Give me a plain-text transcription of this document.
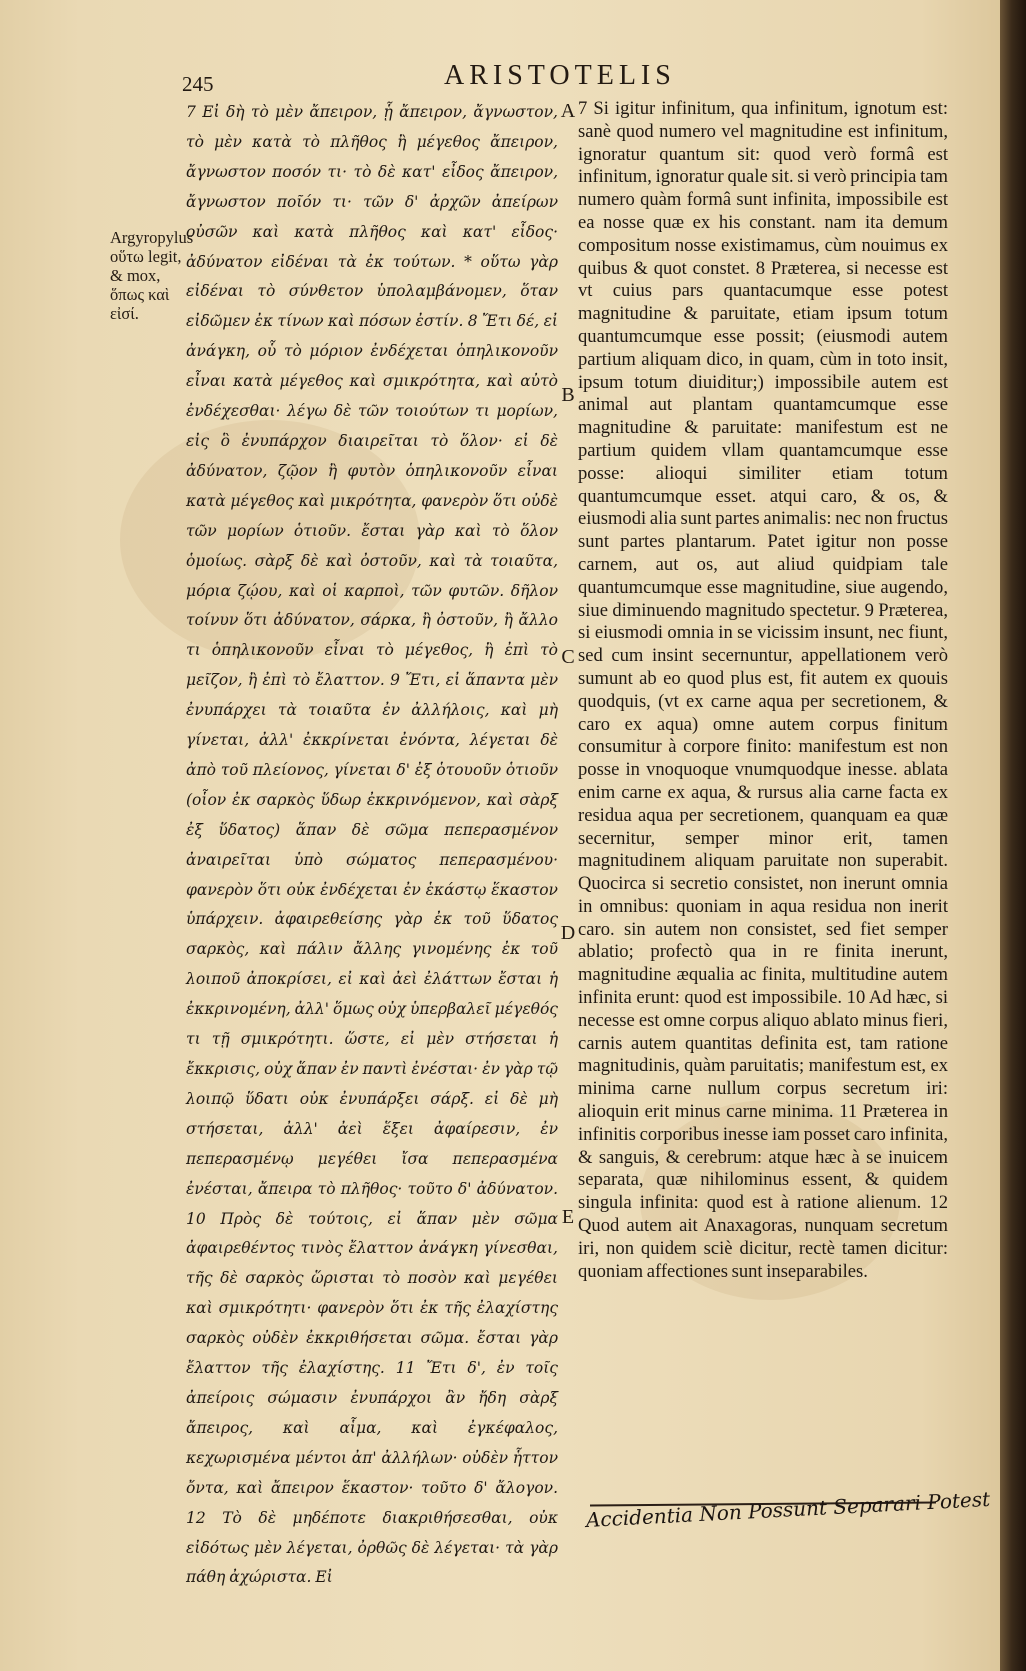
245	ARISTOTELIS
Argyropylus οὕτω legit, & mox, ὅπως καὶ εἰσί.
7 Εἰ δὴ τὸ μὲν ἄπειρον, ᾗ ἄπειρον, ἄγνωστον, τὸ μὲν κατὰ τὸ πλῆθος ἢ μέγεθος ἄπειρον, ἄγνωστον ποσόν τι· τὸ δὲ κατ' εἶδος ἄπειρον, ἄγνωστον ποῖόν τι· τῶν δ' ἀρχῶν ἀπείρων οὐσῶν καὶ κατὰ πλῆθος καὶ κατ' εἶδος· ἀδύνατον εἰδέναι τὰ ἐκ τούτων. * οὕτω γὰρ εἰδέναι τὸ σύνθετον ὑπολαμβάνομεν, ὅταν εἰδῶμεν ἐκ τίνων καὶ πόσων ἐστίν. 8 Ἔτι δέ, εἰ ἀνάγκη, οὗ τὸ μόριον ἐνδέχεται ὁπηλικονοῦν εἶναι κατὰ μέγεθος καὶ σμικρότητα, καὶ αὐτὸ ἐνδέχεσθαι· λέγω δὲ τῶν τοιούτων τι μορίων, εἰς ὃ ἐνυπάρχον διαιρεῖται τὸ ὅλον· εἰ δὲ ἀδύνατον, ζῷον ἢ φυτὸν ὁπηλικονοῦν εἶναι κατὰ μέγεθος καὶ μικρότητα, φανερὸν ὅτι οὐδὲ τῶν μορίων ὁτιοῦν. ἔσται γὰρ καὶ τὸ ὅλον ὁμοίως. σὰρξ δὲ καὶ ὀστοῦν, καὶ τὰ τοιαῦτα, μόρια ζῴου, καὶ οἱ καρποὶ, τῶν φυτῶν. δῆλον τοίνυν ὅτι ἀδύνατον, σάρκα, ἢ ὀστοῦν, ἢ ἄλλο τι ὁπηλικονοῦν εἶναι τὸ μέγεθος, ἢ ἐπὶ τὸ μεῖζον, ἢ ἐπὶ τὸ ἔλαττον. 9 Ἔτι, εἰ ἅπαντα μὲν ἐνυπάρχει τὰ τοιαῦτα ἐν ἀλλήλοις, καὶ μὴ γίνεται, ἀλλ' ἐκκρίνεται ἐνόντα, λέγεται δὲ ἀπὸ τοῦ πλείονος, γίνεται δ' ἐξ ὁτουοῦν ὁτιοῦν (οἷον ἐκ σαρκὸς ὕδωρ ἐκκρινόμενον, καὶ σὰρξ ἐξ ὕδατος) ἅπαν δὲ σῶμα πεπερασμένον ἀναιρεῖται ὑπὸ σώματος πεπερασμένου· φανερὸν ὅτι οὐκ ἐνδέχεται ἐν ἑκάστῳ ἕκαστον ὑπάρχειν. ἀφαιρεθείσης γὰρ ἐκ τοῦ ὕδατος σαρκὸς, καὶ πάλιν ἄλλης γινομένης ἐκ τοῦ λοιποῦ ἀποκρίσει, εἰ καὶ ἀεὶ ἐλάττων ἔσται ἡ ἐκκρινομένη, ἀλλ' ὅμως οὐχ ὑπερβαλεῖ μέγεθός τι τῇ σμικρότητι. ὥστε, εἰ μὲν στήσεται ἡ ἔκκρισις, οὐχ ἅπαν ἐν παντὶ ἐνέσται· ἐν γὰρ τῷ λοιπῷ ὕδατι οὐκ ἐνυπάρξει σάρξ. εἰ δὲ μὴ στήσεται, ἀλλ' ἀεὶ ἕξει ἀφαίρεσιν, ἐν πεπερασμένῳ μεγέθει ἴσα πεπερασμένα ἐνέσται, ἄπειρα τὸ πλῆθος· τοῦτο δ' ἀδύνατον. 10 Πρὸς δὲ τούτοις, εἰ ἅπαν μὲν σῶμα ἀφαιρεθέντος τινὸς ἔλαττον ἀνάγκη γίνεσθαι, τῆς δὲ σαρκὸς ὥρισται τὸ ποσὸν καὶ μεγέθει καὶ σμικρότητι· φανερὸν ὅτι ἐκ τῆς ἐλαχίστης σαρκὸς οὐδὲν ἐκκριθήσεται σῶμα. ἔσται γὰρ ἔλαττον τῆς ἐλαχίστης. 11 Ἔτι δ', ἐν τοῖς ἀπείροις σώμασιν ἐνυπάρχοι ἂν ἤδη σὰρξ ἄπειρος, καὶ αἷμα, καὶ ἐγκέφαλος, κεχωρισμένα μέντοι ἀπ' ἀλλήλων· οὐδὲν ἧττον ὄντα, καὶ ἄπειρον ἕκαστον· τοῦτο δ' ἄλογον. 12 Τὸ δὲ μηδέποτε διακριθήσεσθαι, οὐκ εἰδότως μὲν λέγεται, ὀρθῶς δὲ λέγεται· τὰ γὰρ πάθη ἀχώριστα. Εἰ
A
B
C
D
E
7 Si igitur infinitum, qua infinitum, ignotum est: sanè quod numero vel magnitudine est infinitum, ignoratur quantum sit: quod verò formâ est infinitum, ignoratur quale sit. si verò principia tam numero quàm formâ sunt infinita, impossibile est ea nosse quæ ex his constant. nam ita demum compositum nosse existimamus, cùm nouimus ex quibus & quot constet. 8 Præterea, si necesse est vt cuius pars quantacumque esse potest magnitudine & paruitate, etiam ipsum totum quantumcumque esse possit; (eiusmodi autem partium aliquam dico, in quam, cùm in toto insit, ipsum totum diuiditur;) impossibile autem est animal aut plantam quantamcumque esse magnitudine & paruitate: manifestum est ne partium quidem vllam quantamcumque esse posse: alioqui similiter etiam totum quantumcumque esset. atqui caro, & os, & eiusmodi alia sunt partes animalis: nec non fructus sunt partes plantarum. Patet igitur non posse carnem, aut os, aut aliud quidpiam tale quantumcumque esse magnitudine, siue augendo, siue diminuendo magnitudo spectetur. 9 Præterea, si eiusmodi omnia in se vicissim insunt, nec fiunt, sed cum insint secernuntur, appellationem verò sumunt ab eo quod plus est, fit autem ex quouis quodquis, (vt ex carne aqua per secretionem, & caro ex aqua) omne autem corpus finitum consumitur à corpore finito: manifestum est non posse in vnoquoque vnumquodque inesse. ablata enim carne ex aqua, & rursus alia carne facta ex residua aqua per secretionem, quanquam ea quæ secernitur, semper minor erit, tamen magnitudinem aliquam paruitate non superabit. Quocirca si secretio consistet, non inerunt omnia in omnibus: quoniam in aqua residua non inerit caro. sin autem non consistet, sed fiet semper ablatio; profectò qua in re finita inerunt, magnitudine æqualia ac finita, multitudine autem infinita erunt: quod est impossibile. 10 Ad hæc, si necesse est omne corpus aliquo ablato minus fieri, carnis autem quantitas definita est, tam ratione magnitudinis, quàm paruitatis; manifestum est, ex minima carne nullum corpus secretum iri: alioquin erit minus carne minima. 11 Præterea in infinitis corporibus inesse iam posset caro infinita, & sanguis, & cerebrum: atque hæc à se inuicem separata, quæ nihilominus essent, & quidem singula infinita: quod est à ratione alienum. 12 Quod autem ait Anaxagoras, nunquam secretum iri, non quidem sciè dicitur, rectè tamen dicitur: quoniam affectiones sunt inseparabiles.
Accidentia Non Possunt Separari Potest
